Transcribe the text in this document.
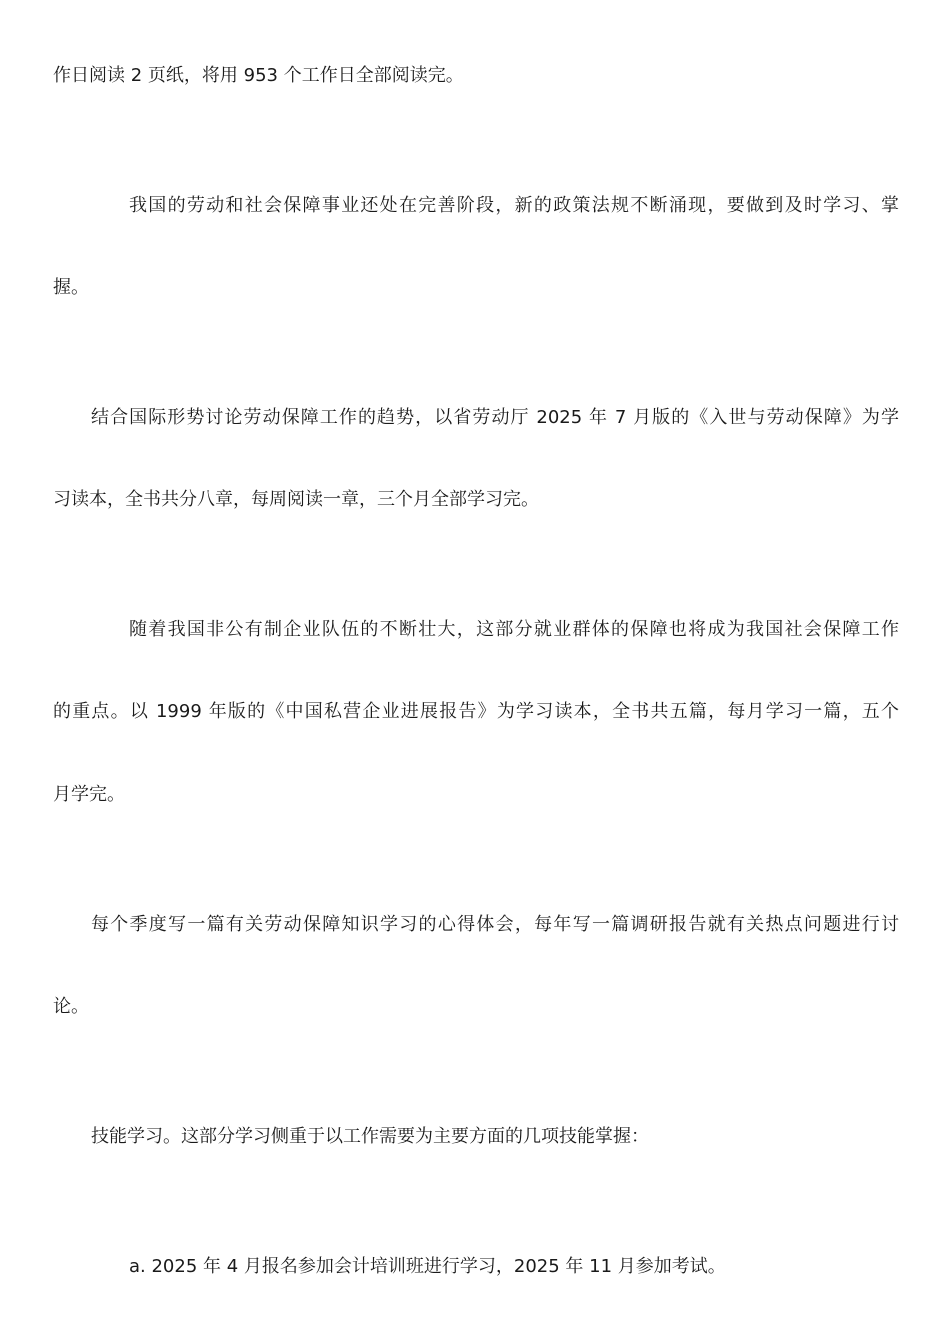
作日阅读 2 页纸，将用 953 个工作日全部阅读完。
我国的劳动和社会保障事业还处在完善阶段，新的政策法规不断涌现，要做到及时学习、掌
握。
结合国际形势讨论劳动保障工作的趋势，以省劳动厅 2025 年 7 月版的《入世与劳动保障》为学
习读本，全书共分八章，每周阅读一章，三个月全部学习完。
随着我国非公有制企业队伍的不断壮大，这部分就业群体的保障也将成为我国社会保障工作
的重点。以 1999 年版的《中国私营企业进展报告》为学习读本，全书共五篇，每月学习一篇，五个
月学完。
每个季度写一篇有关劳动保障知识学习的心得体会，每年写一篇调研报告就有关热点问题进行讨
论。
技能学习。这部分学习侧重于以工作需要为主要方面的几项技能掌握：
a. 2025 年 4 月报名参加会计培训班进行学习，2025 年 11 月参加考试。
